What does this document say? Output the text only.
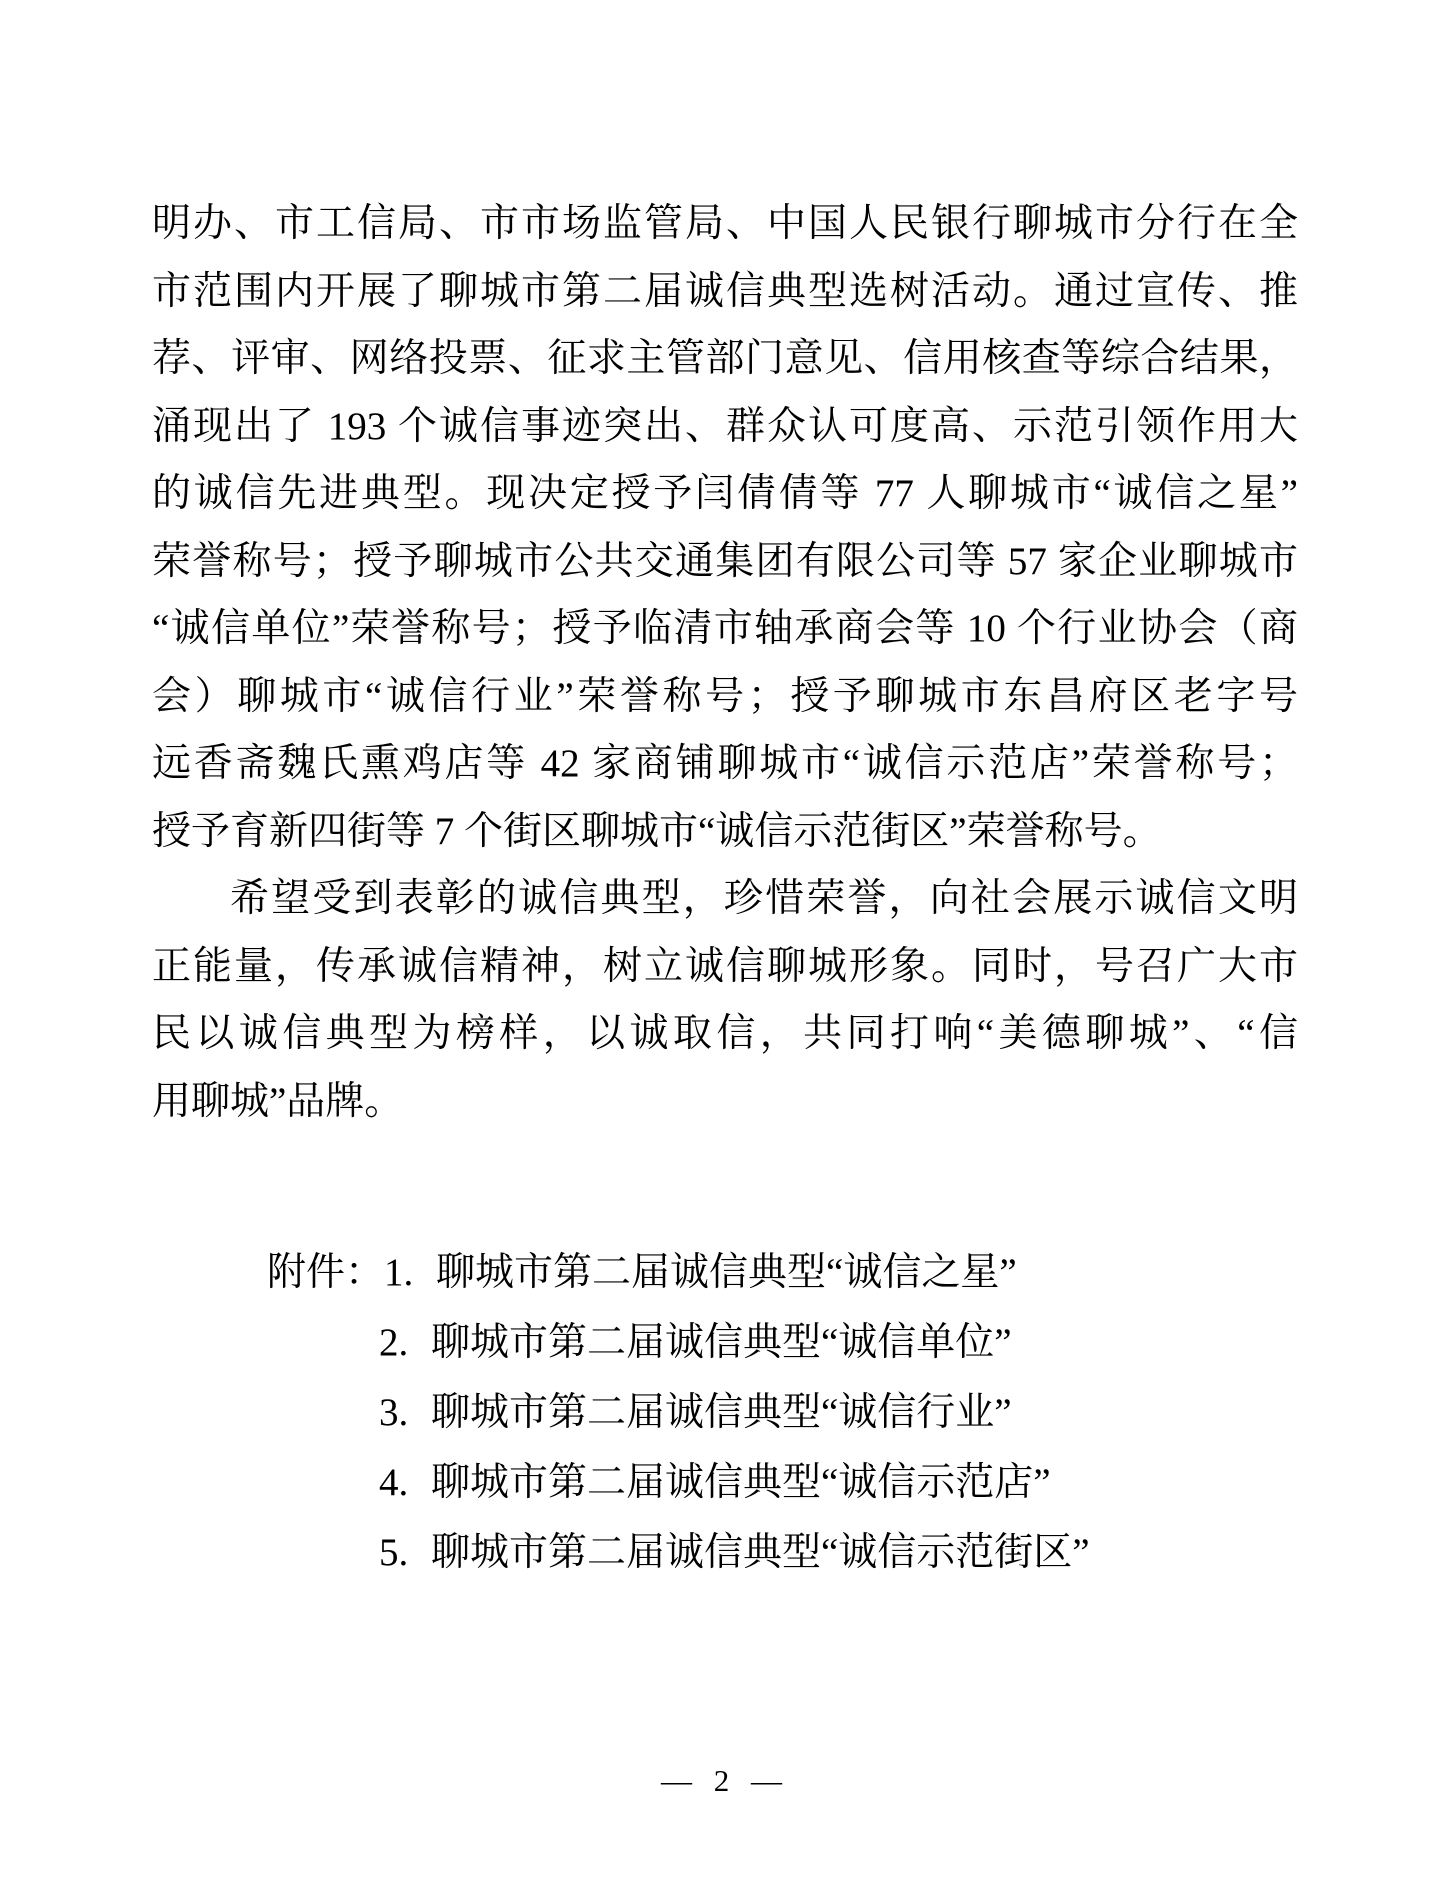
明办、市工信局、市市场监管局、中国人民银行聊城市分行在全
市范围内开展了聊城市第二届诚信典型选树活动。通过宣传、推
荐、评审、网络投票、征求主管部门意见、信用核查等综合结果，
涌现出了 193 个诚信事迹突出、群众认可度高、示范引领作用大
的诚信先进典型。现决定授予闫倩倩等 77 人聊城市“诚信之星”
荣誉称号；授予聊城市公共交通集团有限公司等 57 家企业聊城市
“诚信单位”荣誉称号；授予临清市轴承商会等 10 个行业协会（商
会）聊城市“诚信行业”荣誉称号；授予聊城市东昌府区老字号
远香斋魏氏熏鸡店等 42 家商铺聊城市“诚信示范店”荣誉称号；
授予育新四街等 7 个街区聊城市“诚信示范街区”荣誉称号。
希望受到表彰的诚信典型，珍惜荣誉，向社会展示诚信文明
正能量，传承诚信精神，树立诚信聊城形象。同时，号召广大市
民以诚信典型为榜样，以诚取信，共同打响“美德聊城”、“信
用聊城”品牌。
附件： 1. 聊城市第二届诚信典型“诚信之星”
2. 聊城市第二届诚信典型“诚信单位”
3. 聊城市第二届诚信典型“诚信行业”
4. 聊城市第二届诚信典型“诚信示范店”
5. 聊城市第二届诚信典型“诚信示范街区”
— 2 —
